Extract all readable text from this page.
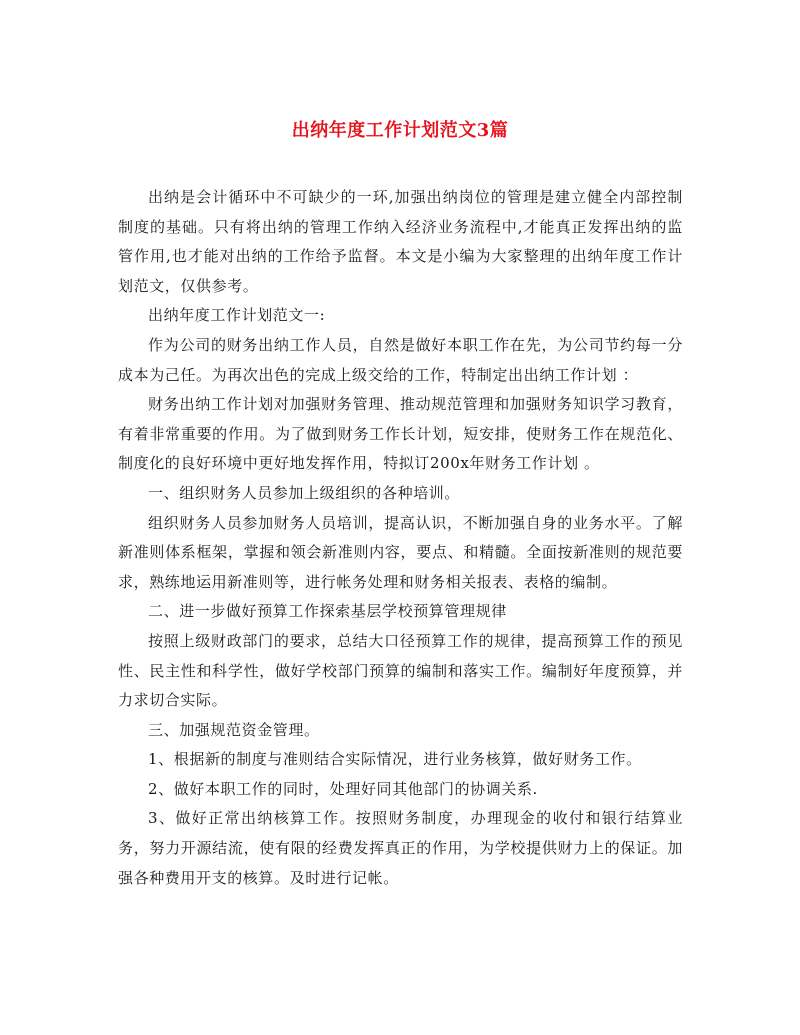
出纳年度工作计划范文3篇

出纳是会计循环中不可缺少的一环,加强出纳岗位的管理是建立健全内部控制制度的基础。只有将出纳的管理工作纳入经济业务流程中,才能真正发挥出纳的监管作用,也才能对出纳的工作给予监督。本文是小编为大家整理的出纳年度工作计划范文，仅供参考。

出纳年度工作计划范文一:

作为公司的财务出纳工作人员，自然是做好本职工作在先，为公司节约每一分成本为己任。为再次出色的完成上级交给的工作，特制定出出纳工作计划 ：

财务出纳工作计划对加强财务管理、推动规范管理和加强财务知识学习教育，有着非常重要的作用。为了做到财务工作长计划，短安排，使财务工作在规范化、制度化的良好环境中更好地发挥作用，特拟订200x年财务工作计划 。

一、组织财务人员参加上级组织的各种培训。

组织财务人员参加财务人员培训，提高认识，不断加强自身的业务水平。了解新准则体系框架，掌握和领会新准则内容，要点、和精髓。全面按新准则的规范要求，熟练地运用新准则等，进行帐务处理和财务相关报表、表格的编制。

二、进一步做好预算工作探索基层学校预算管理规律

按照上级财政部门的要求，总结大口径预算工作的规律，提高预算工作的预见性、民主性和科学性，做好学校部门预算的编制和落实工作。编制好年度预算，并力求切合实际。

三、加强规范资金管理。

1、根据新的制度与准则结合实际情况，进行业务核算，做好财务工作。

2、做好本职工作的同时，处理好同其他部门的协调关系.

3、做好正常出纳核算工作。按照财务制度，办理现金的收付和银行结算业务，努力开源结流，使有限的经费发挥真正的作用，为学校提供财力上的保证。加强各种费用开支的核算。及时进行记帐。
